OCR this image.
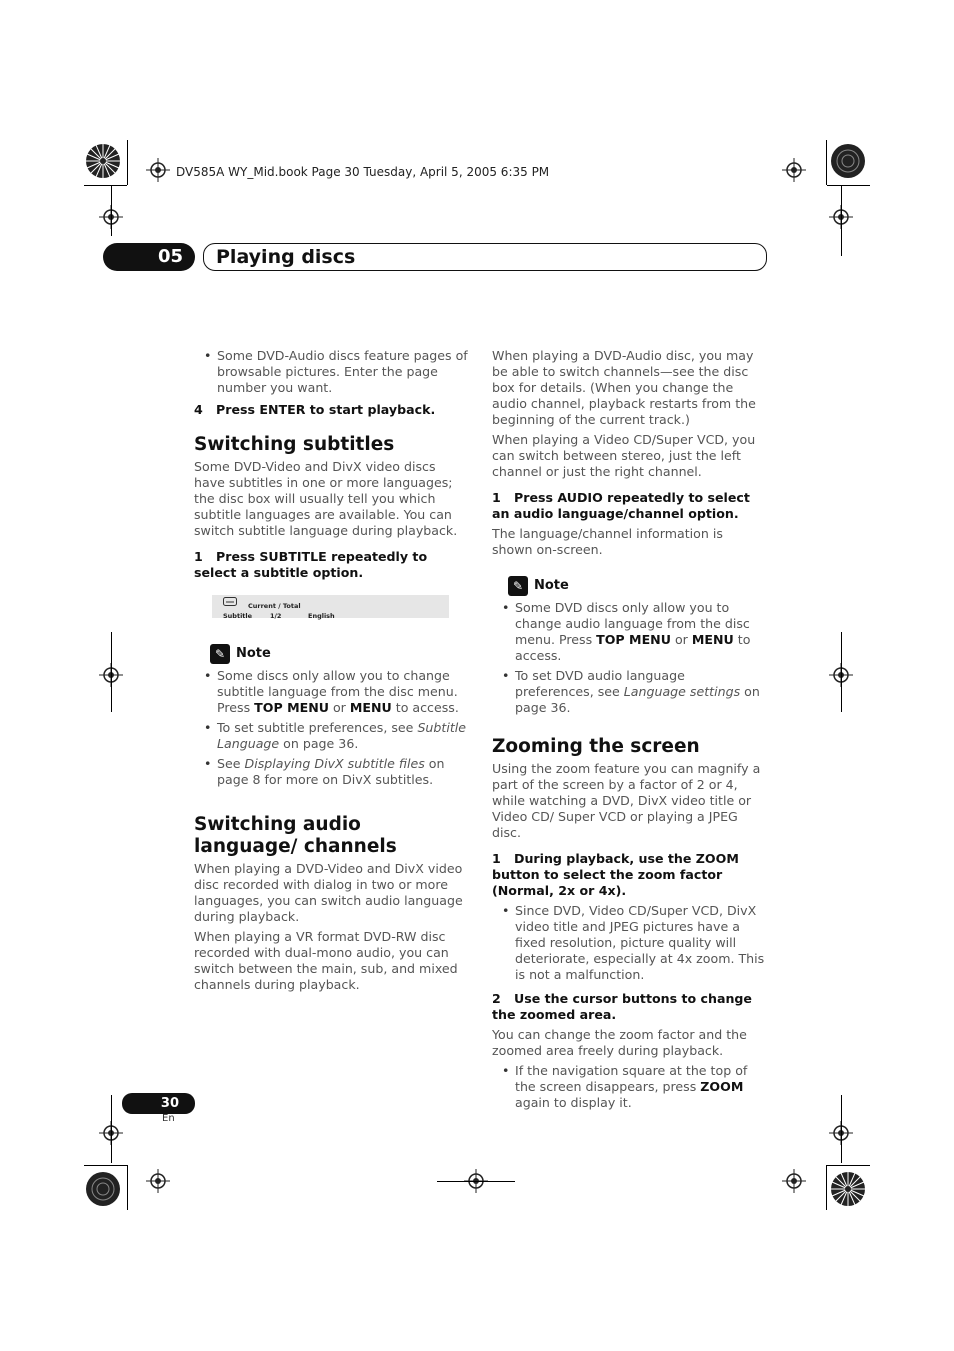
DV585A WY_Mid.book Page 30 Tuesday, April 5, 2005 6:35 PM
05	Playing discs
• Some DVD-Audio discs feature pages of browsable pictures. Enter the page number you want.

4 Press ENTER to start playback.

Switching subtitles

Some DVD-Video and DivX video discs have subtitles in one or more languages; the disc box will usually tell you which subtitle languages are available. You can switch subtitle language during playback.

1 Press SUBTITLE repeatedly to select a subtitle option.

Current / Total
Subtitle	1/2	English
✎ Note
• Some discs only allow you to change subtitle language from the disc menu. Press TOP MENU or MENU to access.
• To set subtitle preferences, see Subtitle Language on page 36.
• See Displaying DivX subtitle files on page 8 for more on DivX subtitles.
Switching audio language/ channels

When playing a DVD-Video and DivX video disc recorded with dialog in two or more languages, you can switch audio language during playback.

When playing a VR format DVD-RW disc recorded with dual-mono audio, you can switch between the main, sub, and mixed channels during playback.

When playing a DVD-Audio disc, you may be able to switch channels—see the disc box for details. (When you change the audio channel, playback restarts from the beginning of the current track.)

When playing a Video CD/Super VCD, you can switch between stereo, just the left channel or just the right channel.

1 Press AUDIO repeatedly to select an audio language/channel option.

The language/channel information is shown on-screen.

✎ Note
• Some DVD discs only allow you to change audio language from the disc menu. Press TOP MENU or MENU to access.
• To set DVD audio language preferences, see Language settings on page 36.
Zooming the screen

Using the zoom feature you can magnify a part of the screen by a factor of 2 or 4, while watching a DVD, DivX video title or Video CD/ Super VCD or playing a JPEG disc.

1 During playback, use the ZOOM button to select the zoom factor (Normal, 2x or 4x).

• Since DVD, Video CD/Super VCD, DivX video title and JPEG pictures have a fixed resolution, picture quality will deteriorate, especially at 4x zoom. This is not a malfunction.

2 Use the cursor buttons to change the zoomed area.

You can change the zoom factor and the zoomed area freely during playback.

• If the navigation square at the top of the screen disappears, press ZOOM again to display it.
30
En
